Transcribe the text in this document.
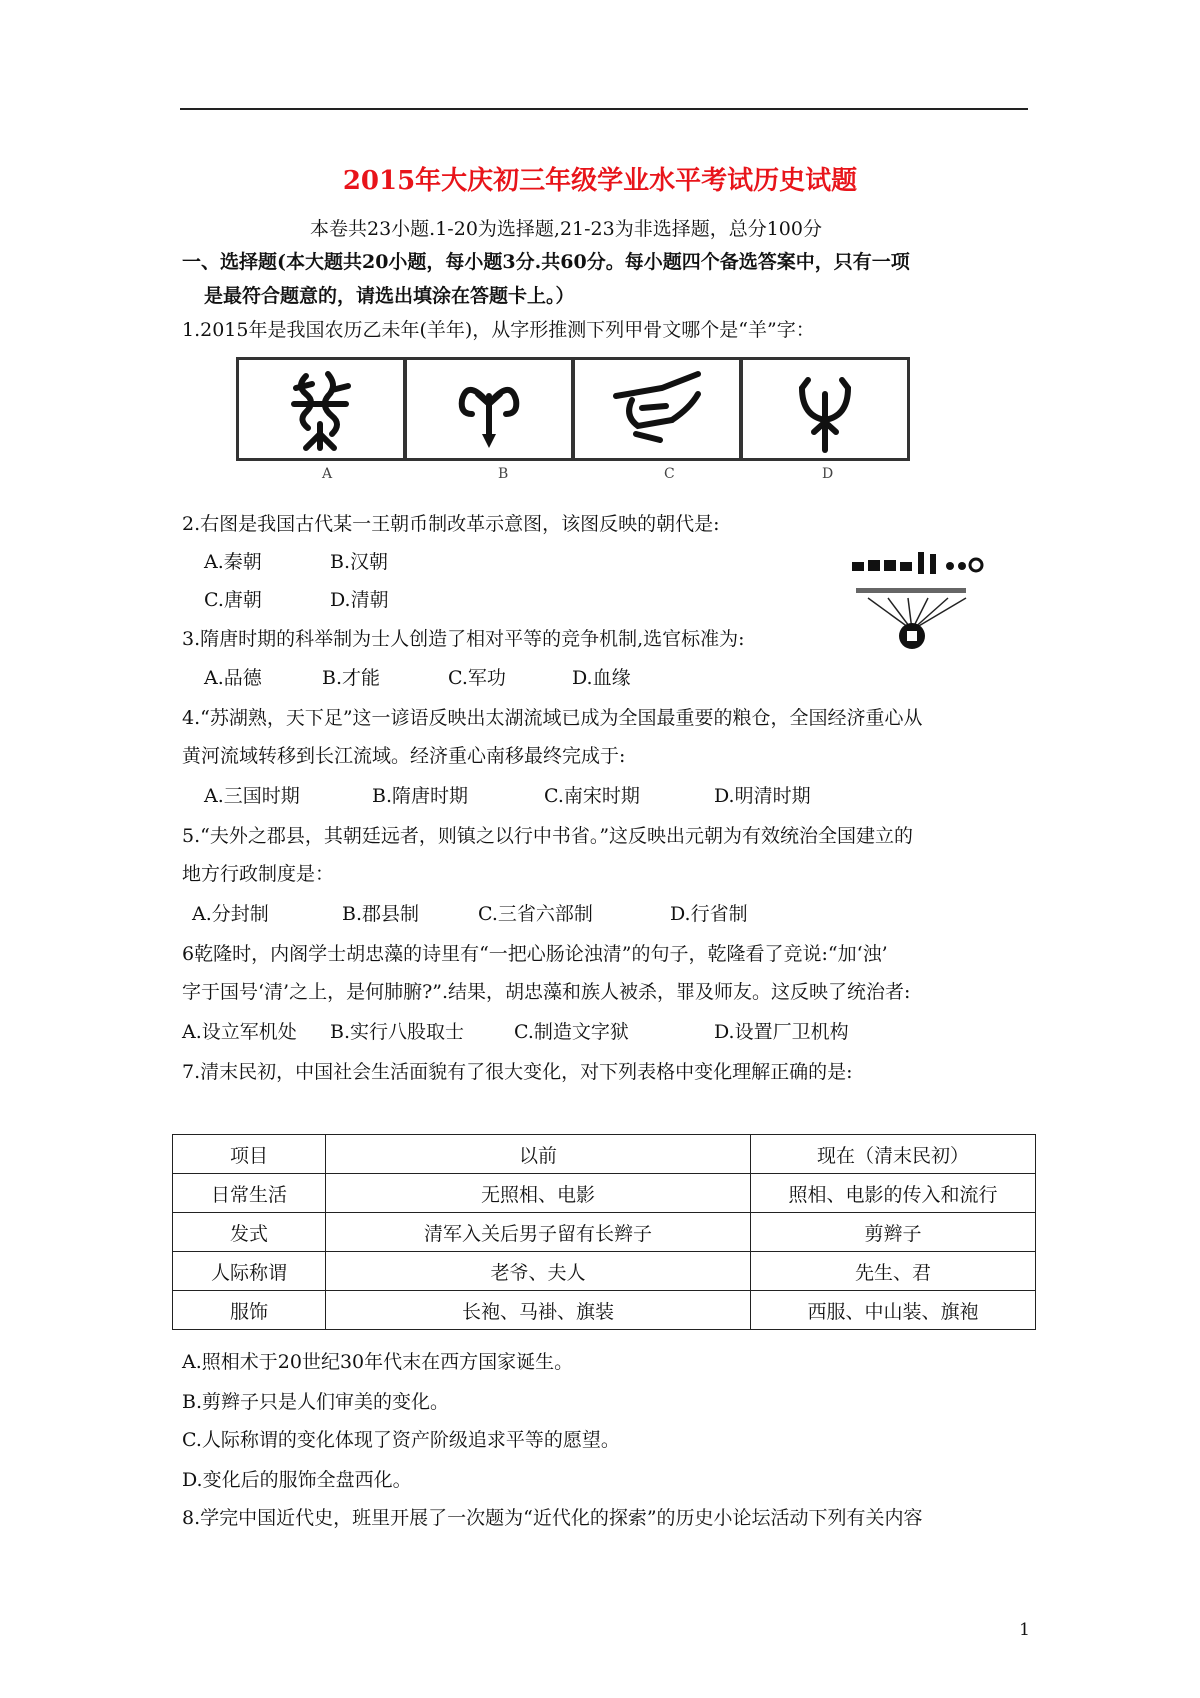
2015年大庆初三年级学业水平考试历史试题
本卷共23小题.1-20为选择题,21-23为非选择题，总分100分
一、选择题(本大题共20小题，每小题3分.共60分。每小题四个备选答案中，只有一项
是最符合题意的，请选出填涂在答题卡上。）
1.2015年是我国农历乙未年(羊年)，从字形推测下列甲骨文哪个是“羊”字：
A	B	C	D
2.右图是我国古代某一王朝币制改革示意图，该图反映的朝代是:
A.秦朝	B.汉朝
C.唐朝	D.清朝
3.隋唐时期的科举制为士人创造了相对平等的竞争机制,选官标准为:
A.品德	B.才能	C.军功	D.血缘
4.“苏湖熟，天下足”这一谚语反映出太湖流域已成为全国最重要的粮仓，全国经济重心从
黄河流域转移到长江流域。经济重心南移最终完成于:
A.三国时期	B.隋唐时期	C.南宋时期	D.明清时期
5.“夫外之郡县，其朝廷远者，则镇之以行中书省。”这反映出元朝为有效统治全国建立的
地方行政制度是：
A.分封制	B.郡县制	C.三省六部制	D.行省制
6乾隆时，内阁学士胡忠藻的诗里有“一把心肠论浊清”的句子，乾隆看了竞说:“加‘浊’
字于国号‘清’之上，是何肺腑?”.结果，胡忠藻和族人被杀，罪及师友。这反映了统治者:
A.设立军机处 B.实行八股取士	C.制造文字狱	D.设置厂卫机构
7.清末民初，中国社会生活面貌有了很大变化，对下列表格中变化理解正确的是:
项目	以前	现在（清末民初）
日常生活	无照相、电影	照相、电影的传入和流行
发式	清军入关后男子留有长辫子	剪辫子
人际称谓	老爷、夫人	先生、君
服饰	长袍、马褂、旗装	西服、中山装、旗袍
A.照相术于20世纪30年代末在西方国家诞生。
B.剪辫子只是人们审美的变化。
C.人际称谓的变化体现了资产阶级追求平等的愿望。
D.变化后的服饰全盘西化。
8.学完中国近代史，班里开展了一次题为“近代化的探索”的历史小论坛活动下列有关内容
1
